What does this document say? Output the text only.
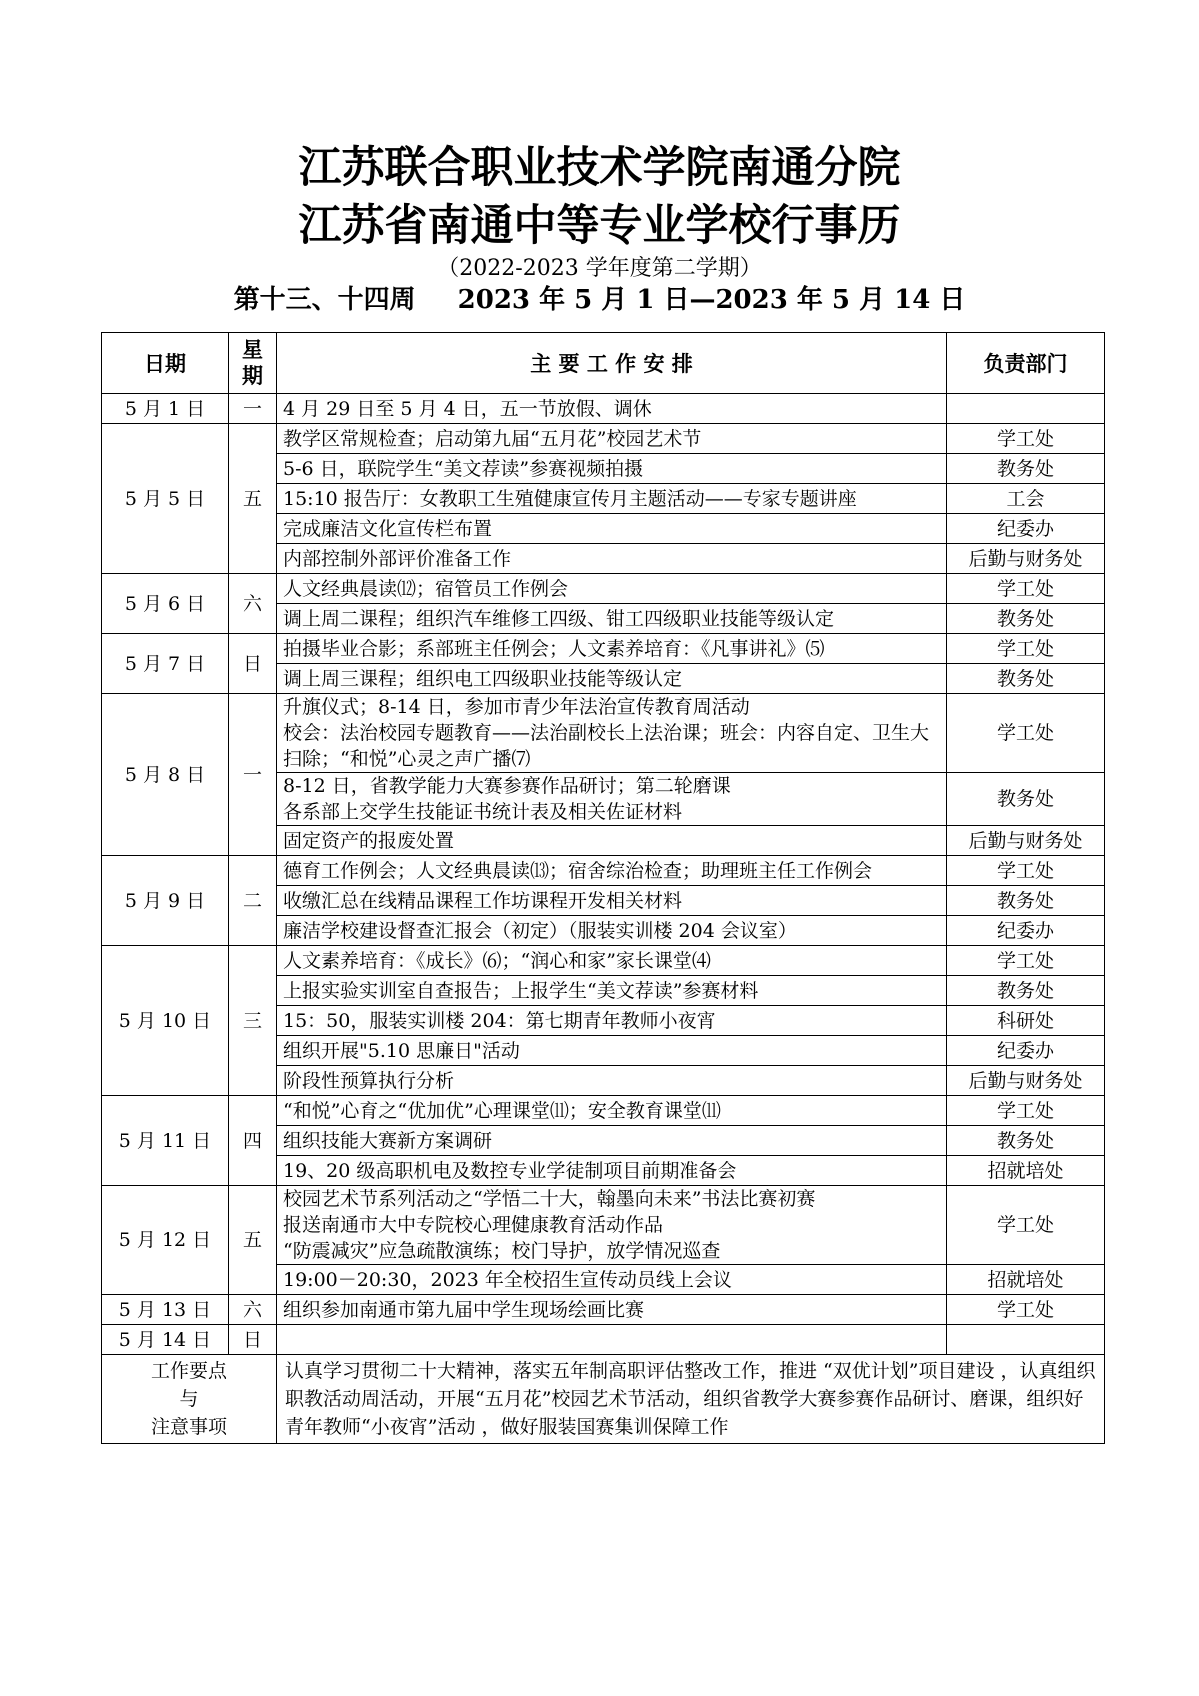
江苏联合职业技术学院南通分院
江苏省南通中等专业学校行事历
（2022-2023 学年度第二学期）
第十三、十四周 2023 年 5 月 1 日—2023 年 5 月 14 日
日期	星
期	主 要 工 作 安 排	负责部门
5 月 1 日	一	4 月 29 日至 5 月 4 日，五一节放假、调休	
5 月 5 日	五	教学区常规检查；启动第九届“五月花”校园艺术节	学工处
		5-6 日，联院学生“美文荐读”参赛视频拍摄	教务处
		15:10 报告厅：女教职工生殖健康宣传月主题活动——专家专题讲座	工会
		完成廉洁文化宣传栏布置	纪委办
		内部控制外部评价准备工作	后勤与财务处
5 月 6 日	六	人文经典晨读⑿；宿管员工作例会	学工处
		调上周二课程；组织汽车维修工四级、钳工四级职业技能等级认定	教务处
5 月 7 日	日	拍摄毕业合影；系部班主任例会；人文素养培育：《凡事讲礼》⑸	学工处
		调上周三课程；组织电工四级职业技能等级认定	教务处
5 月 8 日	一	升旗仪式；8-14 日，参加市青少年法治宣传教育周活动
校会：法治校园专题教育——法治副校长上法治课；班会：内容自定、卫生大扫除；“和悦”心灵之声广播⑺	学工处

		8-12 日，省教学能力大赛参赛作品研讨；第二轮磨课
各系部上交学生技能证书统计表及相关佐证材料	教务处
		固定资产的报废处置	后勤与财务处
5 月 9 日	二	德育工作例会；人文经典晨读⒀；宿舍综治检查；助理班主任工作例会	学工处
		收缴汇总在线精品课程工作坊课程开发相关材料	教务处
		廉洁学校建设督查汇报会（初定）（服装实训楼 204 会议室）	纪委办
5 月 10 日	三	人文素养培育：《成长》⑹；“润心和家”家长课堂⑷	学工处
		上报实验实训室自查报告；上报学生“美文荐读”参赛材料	教务处
		15：50，服装实训楼 204：第七期青年教师小夜宵	科研处
		组织开展"5.10 思廉日"活动	纪委办
		阶段性预算执行分析	后勤与财务处
5 月 11 日	四	“和悦”心育之“优加优”心理课堂⑾；安全教育课堂⑾	学工处
		组织技能大赛新方案调研	教务处
		19、20 级高职机电及数控专业学徒制项目前期准备会	招就培处
5 月 12 日	五	校园艺术节系列活动之“学悟二十大，翰墨向未来”书法比赛初赛
报送南通市大中专院校心理健康教育活动作品
“防震减灾”应急疏散演练；校门导护，放学情况巡查	学工处
		19:00－20:30，2023 年全校招生宣传动员线上会议	招就培处
5 月 13 日	六	组织参加南通市第九届中学生现场绘画比赛	学工处
5 月 14 日	日		

工作要点
与
注意事项		认真学习贯彻二十大精神，落实五年制高职评估整改工作，推进 “双优计划”项目建设 ，认真组织职教活动周活动，开展“五月花”校园艺术节活动，组织省教学大赛参赛作品研讨、磨课，组织好青年教师“小夜宵”活动 ，做好服装国赛集训保障工作	
